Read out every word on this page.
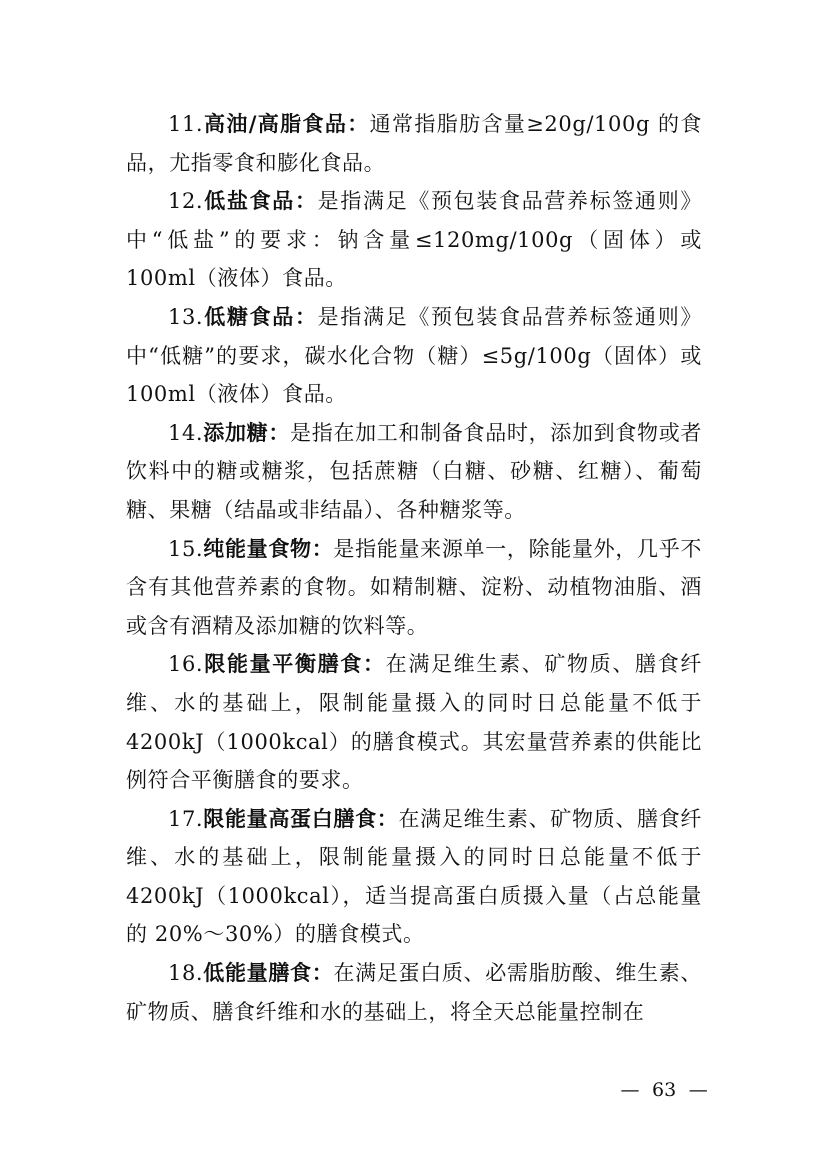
11.高油/高脂食品：通常指脂肪含量≥20g/100g 的食品，尤指零食和膨化食品。

12.低盐食品：是指满足《预包装食品营养标签通则》中“低盐”的要求：钠含量≤120mg/100g（固体）或 100ml（液体）食品。

13.低糖食品：是指满足《预包装食品营养标签通则》中“低糖”的要求，碳水化合物（糖）≤5g/100g（固体）或 100ml（液体）食品。

14.添加糖：是指在加工和制备食品时，添加到食物或者饮料中的糖或糖浆，包括蔗糖（白糖、砂糖、红糖）、葡萄糖、果糖（结晶或非结晶）、各种糖浆等。

15.纯能量食物：是指能量来源单一，除能量外，几乎不含有其他营养素的食物。如精制糖、淀粉、动植物油脂、酒或含有酒精及添加糖的饮料等。

16.限能量平衡膳食：在满足维生素、矿物质、膳食纤维、水的基础上，限制能量摄入的同时日总能量不低于 4200kJ（1000kcal）的膳食模式。其宏量营养素的供能比例符合平衡膳食的要求。

17.限能量高蛋白膳食：在满足维生素、矿物质、膳食纤维、水的基础上，限制能量摄入的同时日总能量不低于 4200kJ（1000kcal），适当提高蛋白质摄入量（占总能量的 20%～30%）的膳食模式。

18.低能量膳食：在满足蛋白质、必需脂肪酸、维生素、矿物质、膳食纤维和水的基础上，将全天总能量控制在

— 63 —
